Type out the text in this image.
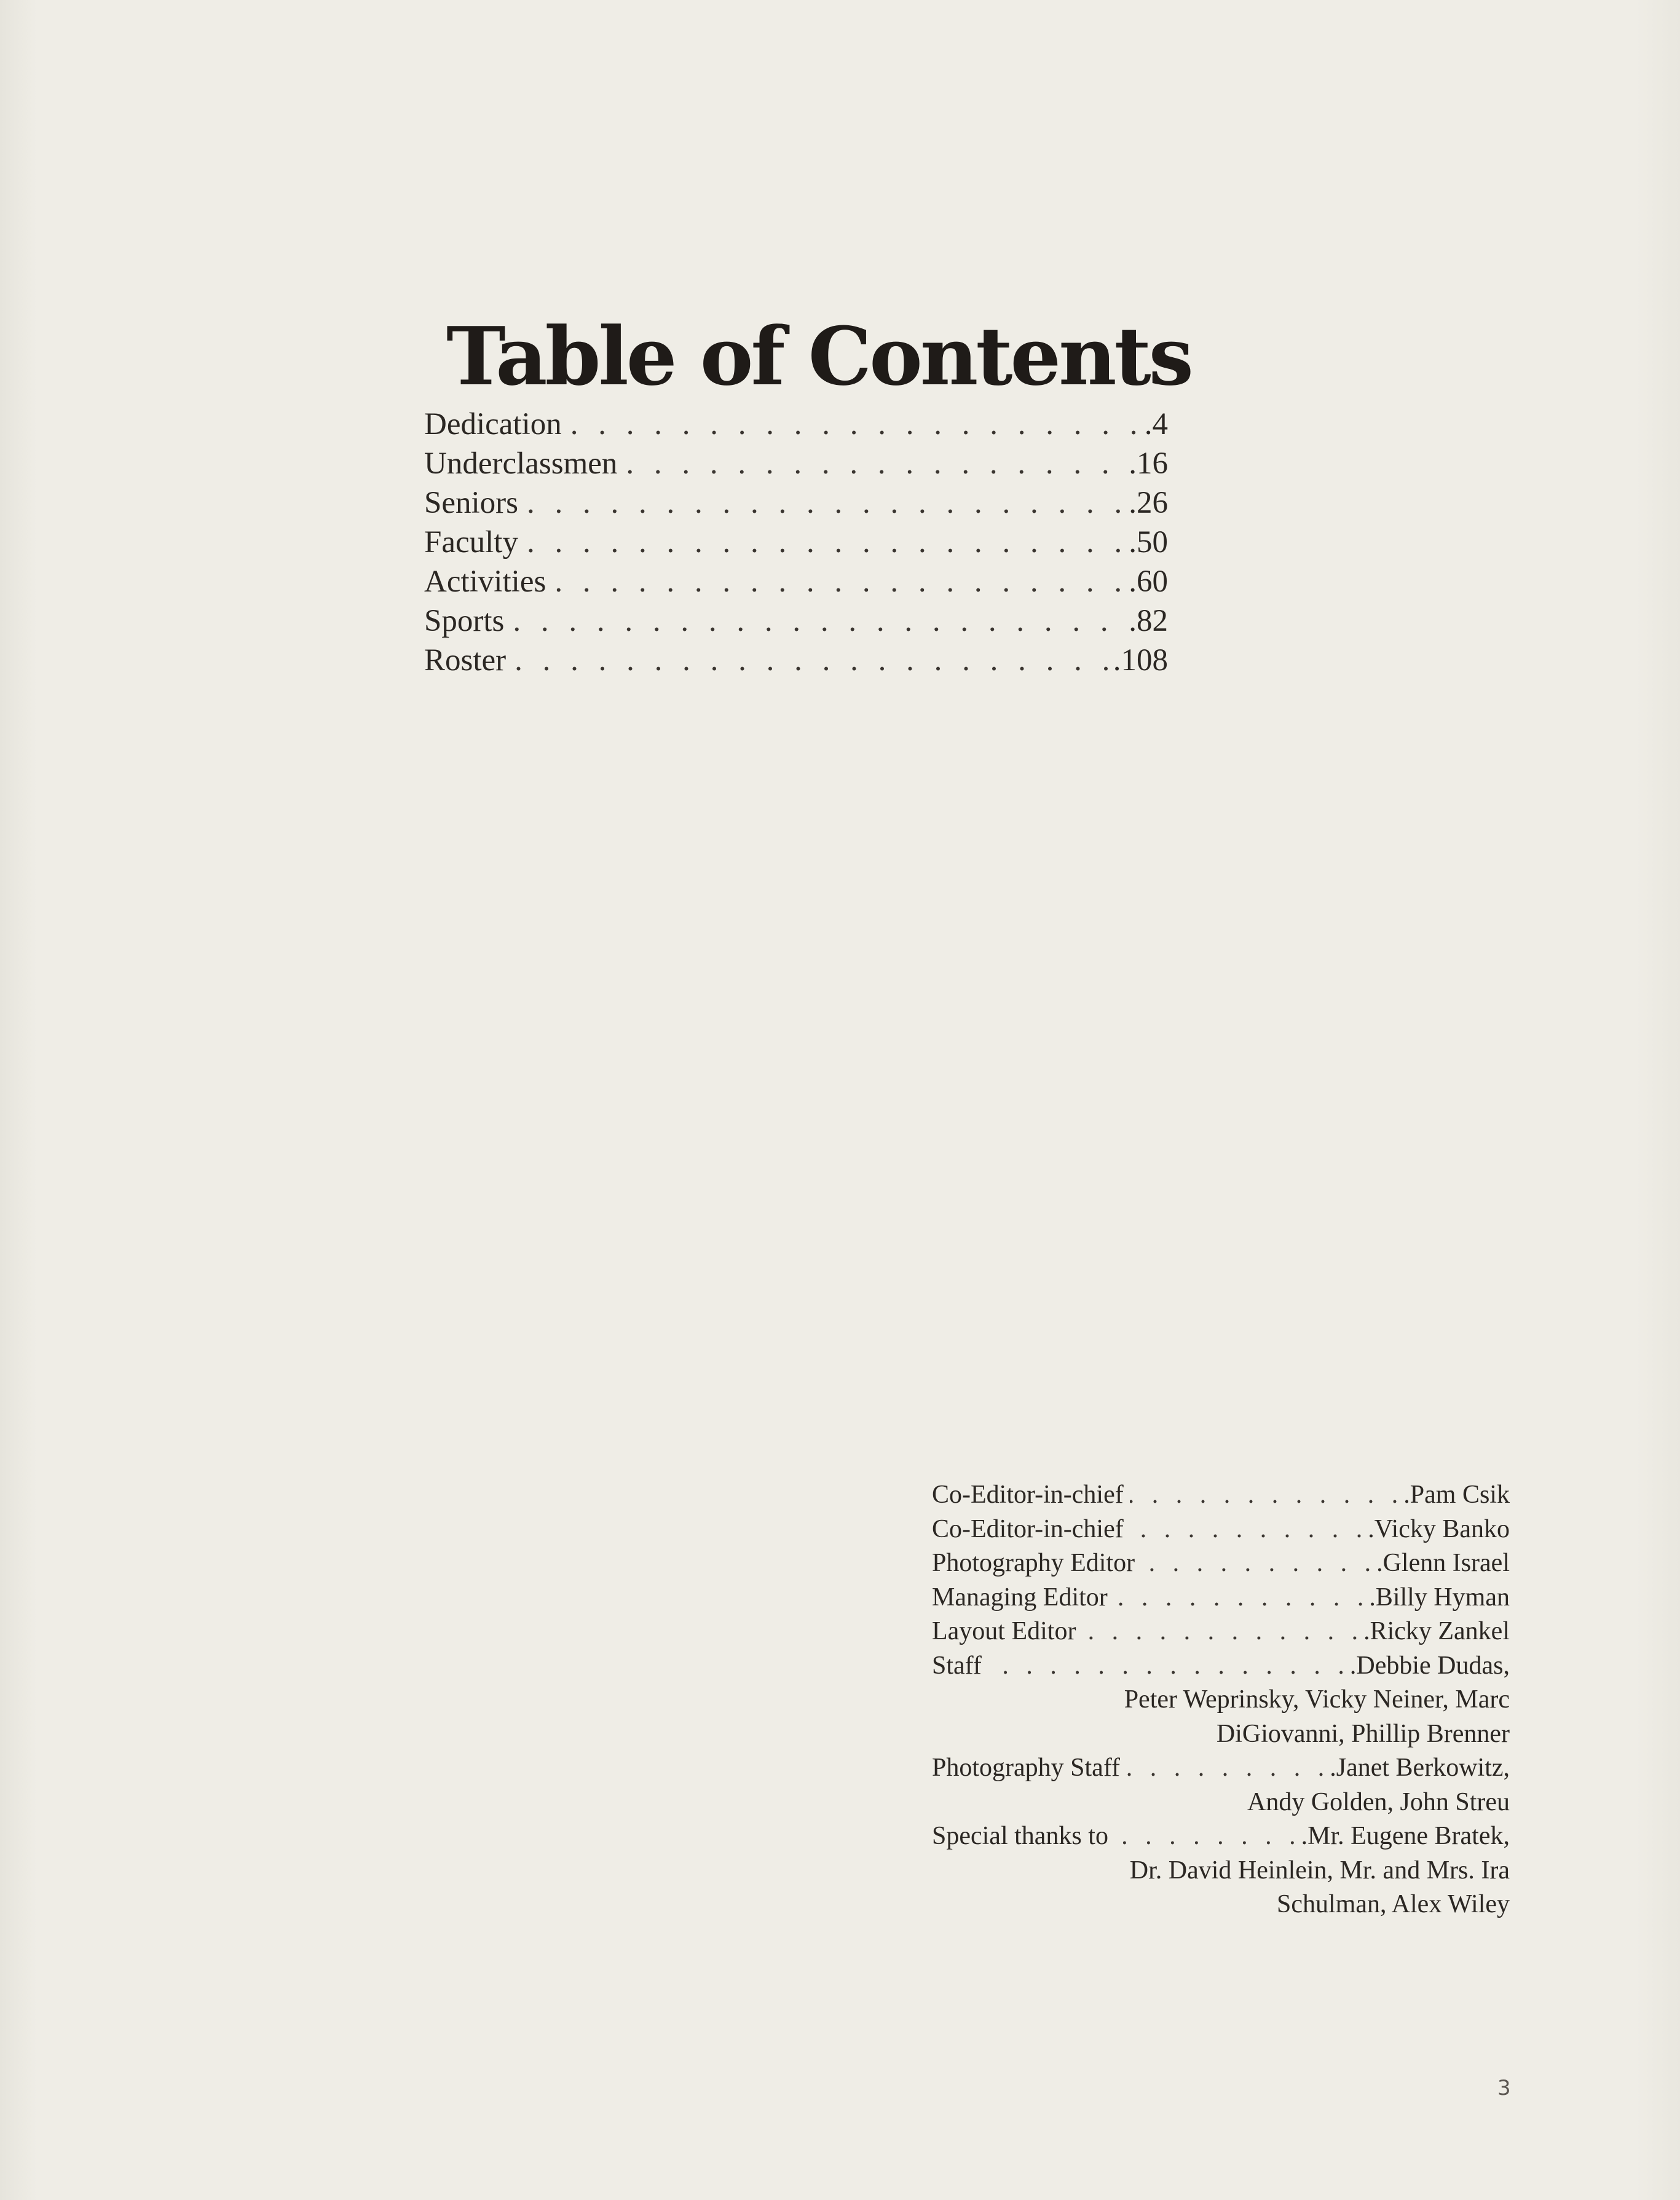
Table of Contents
Dedication . . .	.4
Underclassmen . . .	.16
Seniors . . .	.26
Faculty . . .	.50
Activities . . .	.60
Sports . . .	.82
Roster . . .	.108
Co-Editor-in-chief . . .	.Pam Csik
Co-Editor-in-chief . . .	.Vicky Banko
Photography Editor . . .	.Glenn Israel
Managing Editor . . .	.Billy Hyman
Layout Editor . . .	.Ricky Zankel
Staff . . .	.Debbie Dudas,
Peter Weprinsky, Vicky Neiner, Marc
DiGiovanni, Phillip Brenner
Photography Staff . . .	.Janet Berkowitz,
Andy Golden, John Streu
Special thanks to . . .	.Mr. Eugene Bratek,
Dr. David Heinlein, Mr. and Mrs. Ira
Schulman, Alex Wiley
3
